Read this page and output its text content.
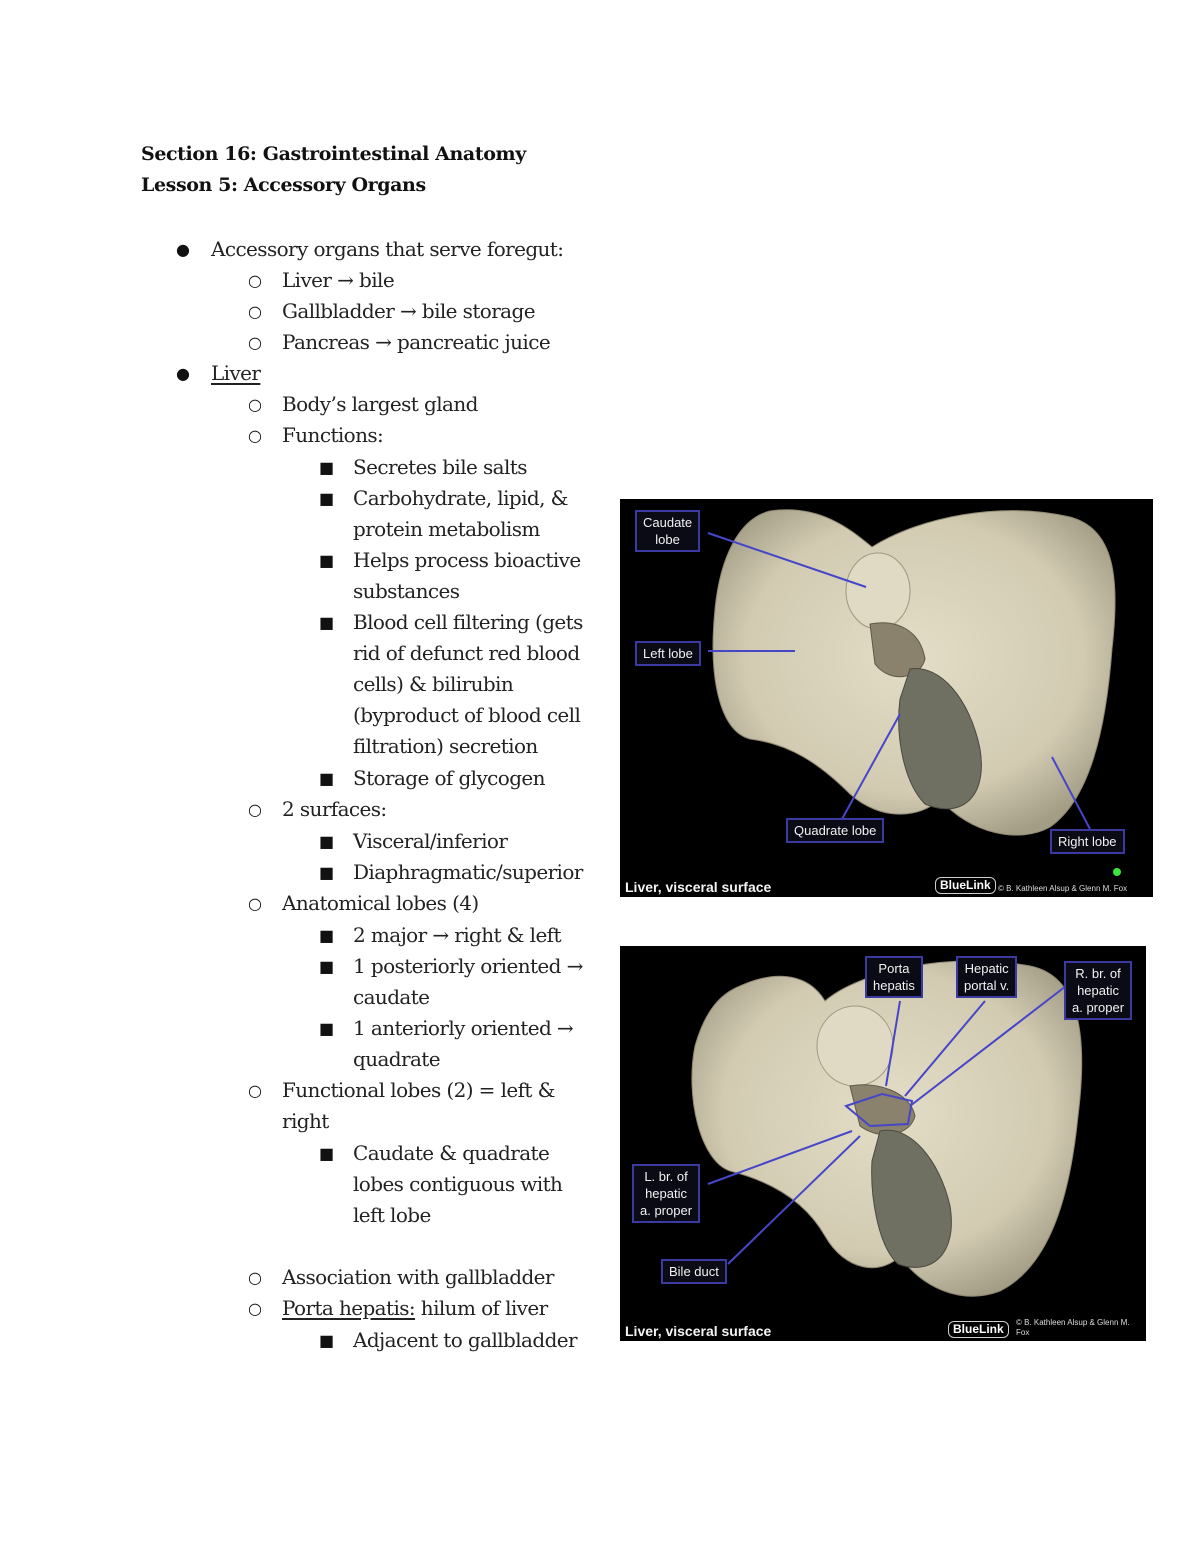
Section 16: Gastrointestinal Anatomy
Lesson 5: Accessory Organs
● Accessory organs that serve foregut:
○ Liver → bile
○ Gallbladder → bile storage
○ Pancreas → pancreatic juice
● Liver
○ Body’s largest gland
○ Functions:
■ Secretes bile salts
■ Carbohydrate, lipid, &
protein metabolism
■ Helps process bioactive
substances
■ Blood cell filtering (gets
rid of defunct red blood
cells) & bilirubin
(byproduct of blood cell
filtration) secretion
■ Storage of glycogen
○ 2 surfaces:
■ Visceral/inferior
■ Diaphragmatic/superior
○ Anatomical lobes (4)
■ 2 major → right & left
■ 1 posteriorly oriented →
caudate
■ 1 anteriorly oriented →
quadrate
○ Functional lobes (2) = left &
right
■ Caudate & quadrate
lobes contiguous with
left lobe
○ Association with gallbladder
○ Porta hepatis: hilum of liver
■ Adjacent to gallbladder
Caudate
lobe
Left lobe
Quadrate lobe
Right lobe
Liver, visceral surface	BlueLink © B. Kathleen Alsup & Glenn M. Fox
Porta
hepatis
Hepatic
portal v.
R. br. of
hepatic
a. proper
L. br. of
hepatic
a. proper
Bile duct
Liver, visceral surface	BlueLink	© B. Kathleen Alsup & Glenn M.
Fox
